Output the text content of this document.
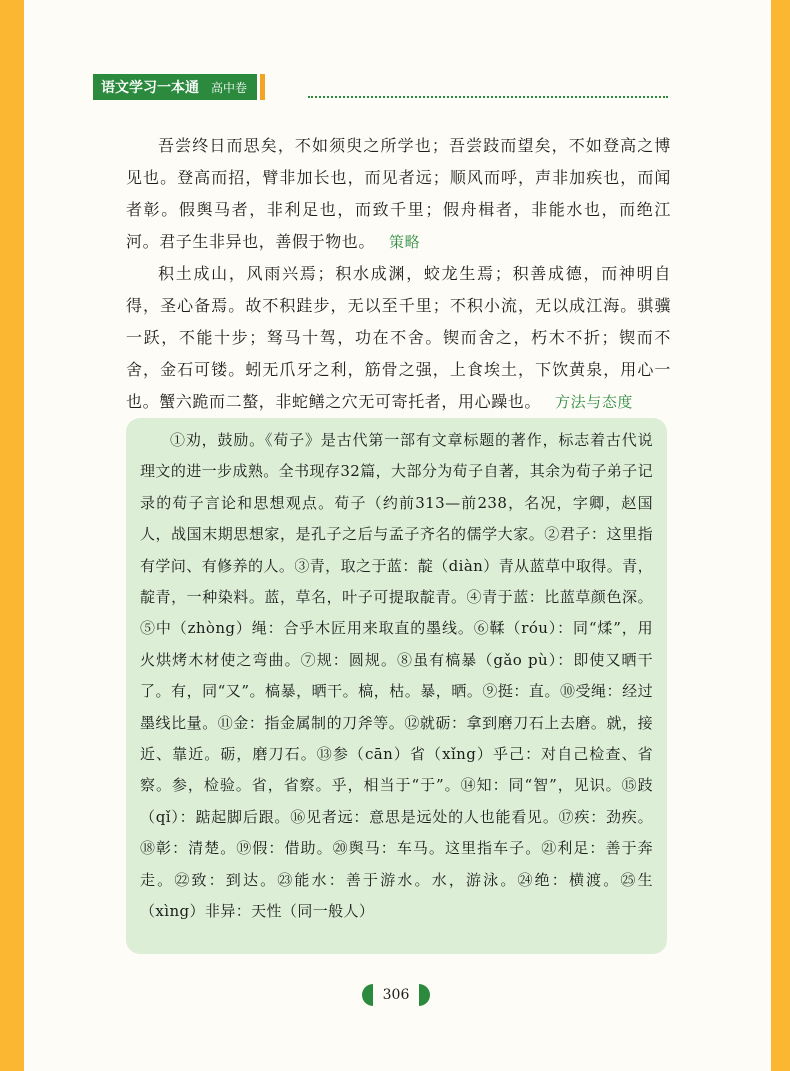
语文学习一本通 高中卷

吾尝终日而思矣，不如须臾之所学也；吾尝跂而望矣，不如登高之博见也。登高而招，臂非加长也，而见者远；顺风而呼，声非加疾也，而闻者彰。假舆马者，非利足也，而致千里；假舟楫者，非能水也，而绝江河。君子生非异也，善假于物也。 策略

积土成山，风雨兴焉；积水成渊，蛟龙生焉；积善成德，而神明自得，圣心备焉。故不积跬步，无以至千里；不积小流，无以成江海。骐骥一跃，不能十步；驽马十驾，功在不舍。锲而舍之，朽木不折；锲而不舍，金石可镂。蚓无爪牙之利，筋骨之强，上食埃土，下饮黄泉，用心一也。蟹六跪而二螯，非蛇鳝之穴无可寄托者，用心躁也。 方法与态度

①劝，鼓励。《荀子》是古代第一部有文章标题的著作，标志着古代说理文的进一步成熟。全书现存32篇，大部分为荀子自著，其余为荀子弟子记录的荀子言论和思想观点。荀子（约前313—前238，名况，字卿，赵国人，战国末期思想家，是孔子之后与孟子齐名的儒学大家。②君子：这里指有学问、有修养的人。③青，取之于蓝：靛（diàn）青从蓝草中取得。青，靛青，一种染料。蓝，草名，叶子可提取靛青。④青于蓝：比蓝草颜色深。⑤中（zhòng）绳：合乎木匠用来取直的墨线。⑥鞣（róu）：同“煣”，用火烘烤木材使之弯曲。⑦规：圆规。⑧虽有槁暴（gǎo pù）：即使又晒干了。有，同“又”。槁暴，晒干。槁，枯。暴，晒。⑨挺：直。⑩受绳：经过墨线比量。⑪金：指金属制的刀斧等。⑫就砺：拿到磨刀石上去磨。就，接近、靠近。砺，磨刀石。⑬参（cān）省（xǐng）乎己：对自己检查、省察。参，检验。省，省察。乎，相当于“于”。⑭知：同“智”，见识。⑮跂（qǐ）：踮起脚后跟。⑯见者远：意思是远处的人也能看见。⑰疾：劲疾。⑱彰：清楚。⑲假：借助。⑳舆马：车马。这里指车子。㉑利足：善于奔走。㉒致：到达。㉓能水：善于游水。水，游泳。㉔绝：横渡。㉕生（xìng）非异：天性（同一般人）

306
